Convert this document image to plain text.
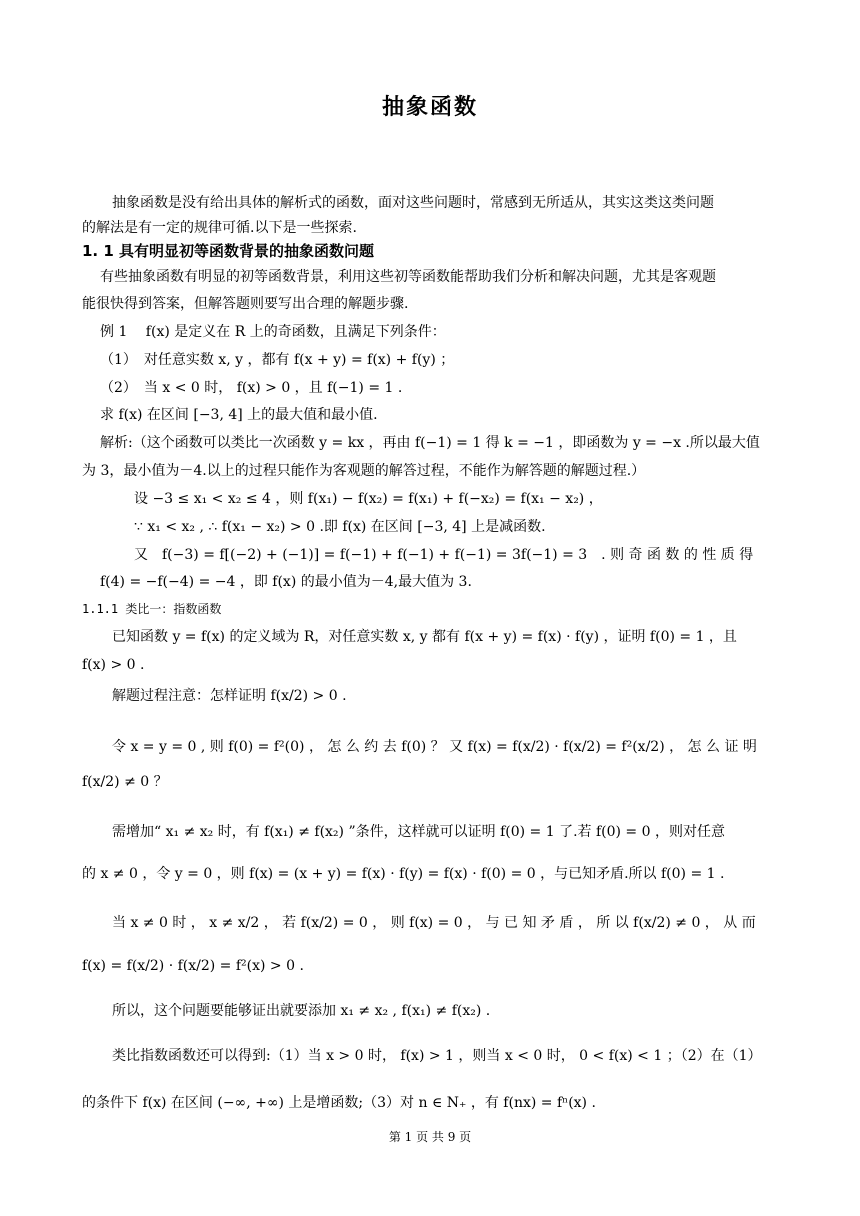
抽象函数
抽象函数是没有给出具体的解析式的函数，面对这些问题时，常感到无所适从，其实这类这类问题
的解法是有一定的规律可循.以下是一些探索.
1. 1 具有明显初等函数背景的抽象函数问题
有些抽象函数有明显的初等函数背景，利用这些初等函数能帮助我们分析和解决问题，尤其是客观题
能很快得到答案，但解答题则要写出合理的解题步骤.
例 1　 f(x) 是定义在 R 上的奇函数，且满足下列条件：
（1）　对任意实数 x, y ，都有 f(x + y) = f(x) + f(y) ；
（2）　当 x < 0 时， f(x) > 0 ，且 f(−1) = 1 .
求 f(x) 在区间 [−3, 4] 上的最大值和最小值.
解析:（这个函数可以类比一次函数 y = kx ，再由 f(−1) = 1 得 k = −1 ，即函数为 y = −x .所以最大值
为 3，最小值为－4.以上的过程只能作为客观题的解答过程，不能作为解答题的解题过程.）
设 −3 ≤ x₁ < x₂ ≤ 4 ，则 f(x₁) − f(x₂) = f(x₁) + f(−x₂) = f(x₁ − x₂) ，
∵ x₁ < x₂ , ∴ f(x₁ − x₂) > 0 .即 f(x) 在区间 [−3, 4] 上是减函数.
又　f(−3) = f[(−2) + (−1)] = f(−1) + f(−1) + f(−1) = 3f(−1) = 3　. 则 奇 函 数 的 性 质 得
f(4) = −f(−4) = −4 ，即 f(x) 的最小值为－4,最大值为 3.
1.1.1 类比一：指数函数
已知函数 y = f(x) 的定义域为 R，对任意实数 x, y 都有 f(x + y) = f(x) · f(y) ，证明 f(0) = 1 ，且
f(x) > 0 .
解题过程注意：怎样证明 f(x/2) > 0 .
令 x = y = 0 , 则 f(0) = f²(0) ， 怎 么 约 去 f(0) ？ 又 f(x) = f(x/2) · f(x/2) = f²(x/2) ， 怎 么 证 明
f(x/2) ≠ 0 ？
需增加“ x₁ ≠ x₂ 时，有 f(x₁) ≠ f(x₂) ”条件，这样就可以证明 f(0) = 1 了.若 f(0) = 0 ，则对任意
的 x ≠ 0 ，令 y = 0 ，则 f(x) = (x + y) = f(x) · f(y) = f(x) · f(0) = 0 ，与已知矛盾.所以 f(0) = 1 .
当 x ≠ 0 时 ， x ≠ x/2 ， 若 f(x/2) = 0 ， 则 f(x) = 0 ， 与 已 知 矛 盾 ， 所 以 f(x/2) ≠ 0 ， 从 而
f(x) = f(x/2) · f(x/2) = f²(x) > 0 .
所以，这个问题要能够证出就要添加 x₁ ≠ x₂ , f(x₁) ≠ f(x₂) .
类比指数函数还可以得到:（1）当 x > 0 时， f(x) > 1 ，则当 x < 0 时， 0 < f(x) < 1 ；（2）在（1）
的条件下 f(x) 在区间 (−∞, +∞) 上是增函数;（3）对 n ∈ N₊ ，有 f(nx) = fⁿ(x) .
第 1 页 共 9 页
